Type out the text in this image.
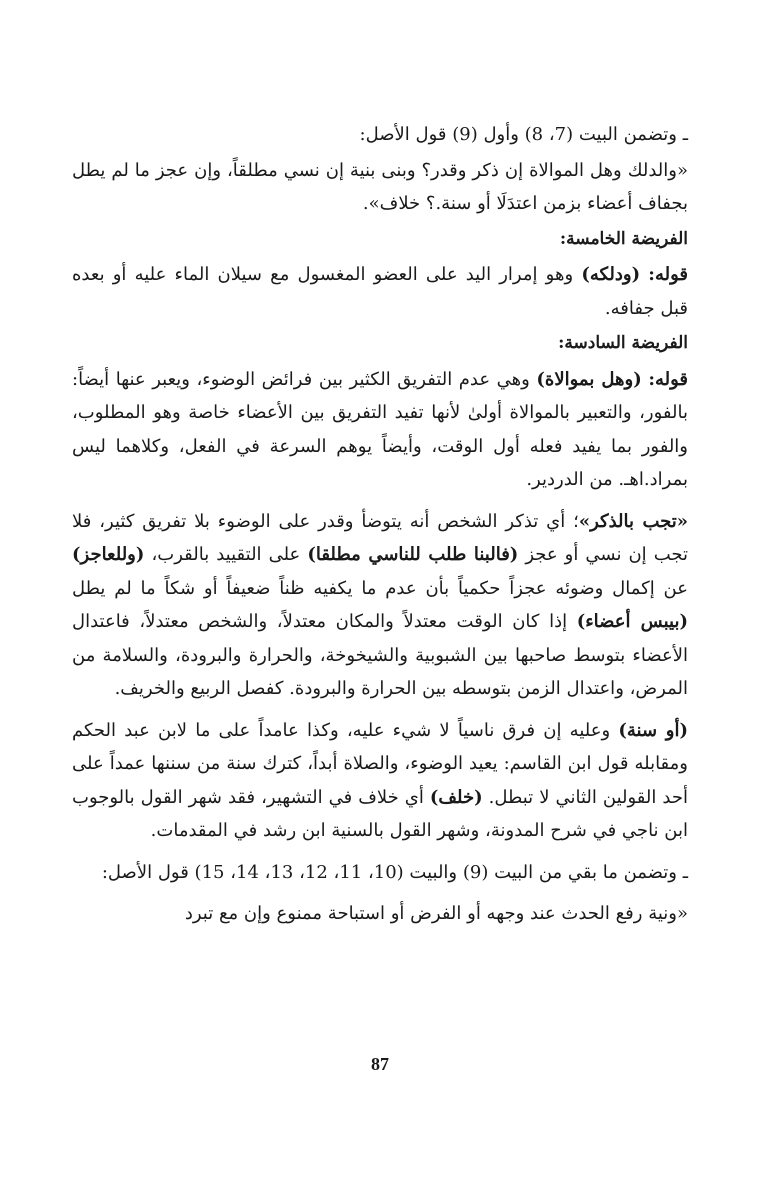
ـ وتضمن البيت (7، 8) وأول (9) قول الأصل:

«والدلك وهل الموالاة إن ذكر وقدر؟ وبنى بنية إن نسي مطلقاً، وإن عجز ما لم يطل بجفاف أعضاء بزمن اعتدَلَا أو سنة.؟ خلاف».

الفريضة الخامسة:

قوله: (ودلكه) وهو إمرار اليد على العضو المغسول مع سيلان الماء عليه أو بعده قبل جفافه.

الفريضة السادسة:

قوله: (وهل بموالاة) وهي عدم التفريق الكثير بين فرائض الوضوء، ويعبر عنها أيضاً: بالفور، والتعبير بالموالاة أولىٰ لأنها تفيد التفريق بين الأعضاء خاصة وهو المطلوب، والفور بما يفيد فعله أول الوقت، وأيضاً يوهم السرعة في الفعل، وكلاهما ليس بمراد.اهـ. من الدردير.

«تجب بالذكر»؛ أي تذكر الشخص أنه يتوضأ وقدر على الوضوء بلا تفريق كثير، فلا تجب إن نسي أو عجز (فالبنا طلب للناسي مطلقا) على التقييد بالقرب، (وللعاجز) عن إكمال وضوئه عجزاً حكمياً بأن عدم ما يكفيه ظناً ضعيفاً أو شكاً ما لم يطل (بيبس أعضاء) إذا كان الوقت معتدلاً والمكان معتدلاً، والشخص معتدلاً، فاعتدال الأعضاء بتوسط صاحبها بين الشبوبية والشيخوخة، والحرارة والبرودة، والسلامة من المرض، واعتدال الزمن بتوسطه بين الحرارة والبرودة. كفصل الربيع والخريف.

(أو سنة) وعليه إن فرق ناسياً لا شيء عليه، وكذا عامداً على ما لابن عبد الحكم ومقابله قول ابن القاسم: يعيد الوضوء، والصلاة أبداً، كترك سنة من سننها عمداً على أحد القولين الثاني لا تبطل. (خلف) أي خلاف في التشهير، فقد شهر القول بالوجوب ابن ناجي في شرح المدونة، وشهر القول بالسنية ابن رشد في المقدمات.

ـ وتضمن ما بقي من البيت (9) والبيت (10، 11، 12، 13، 14، 15) قول الأصل:

«ونية رفع الحدث عند وجهه أو الفرض أو استباحة ممنوع وإن مع تبرد

87
